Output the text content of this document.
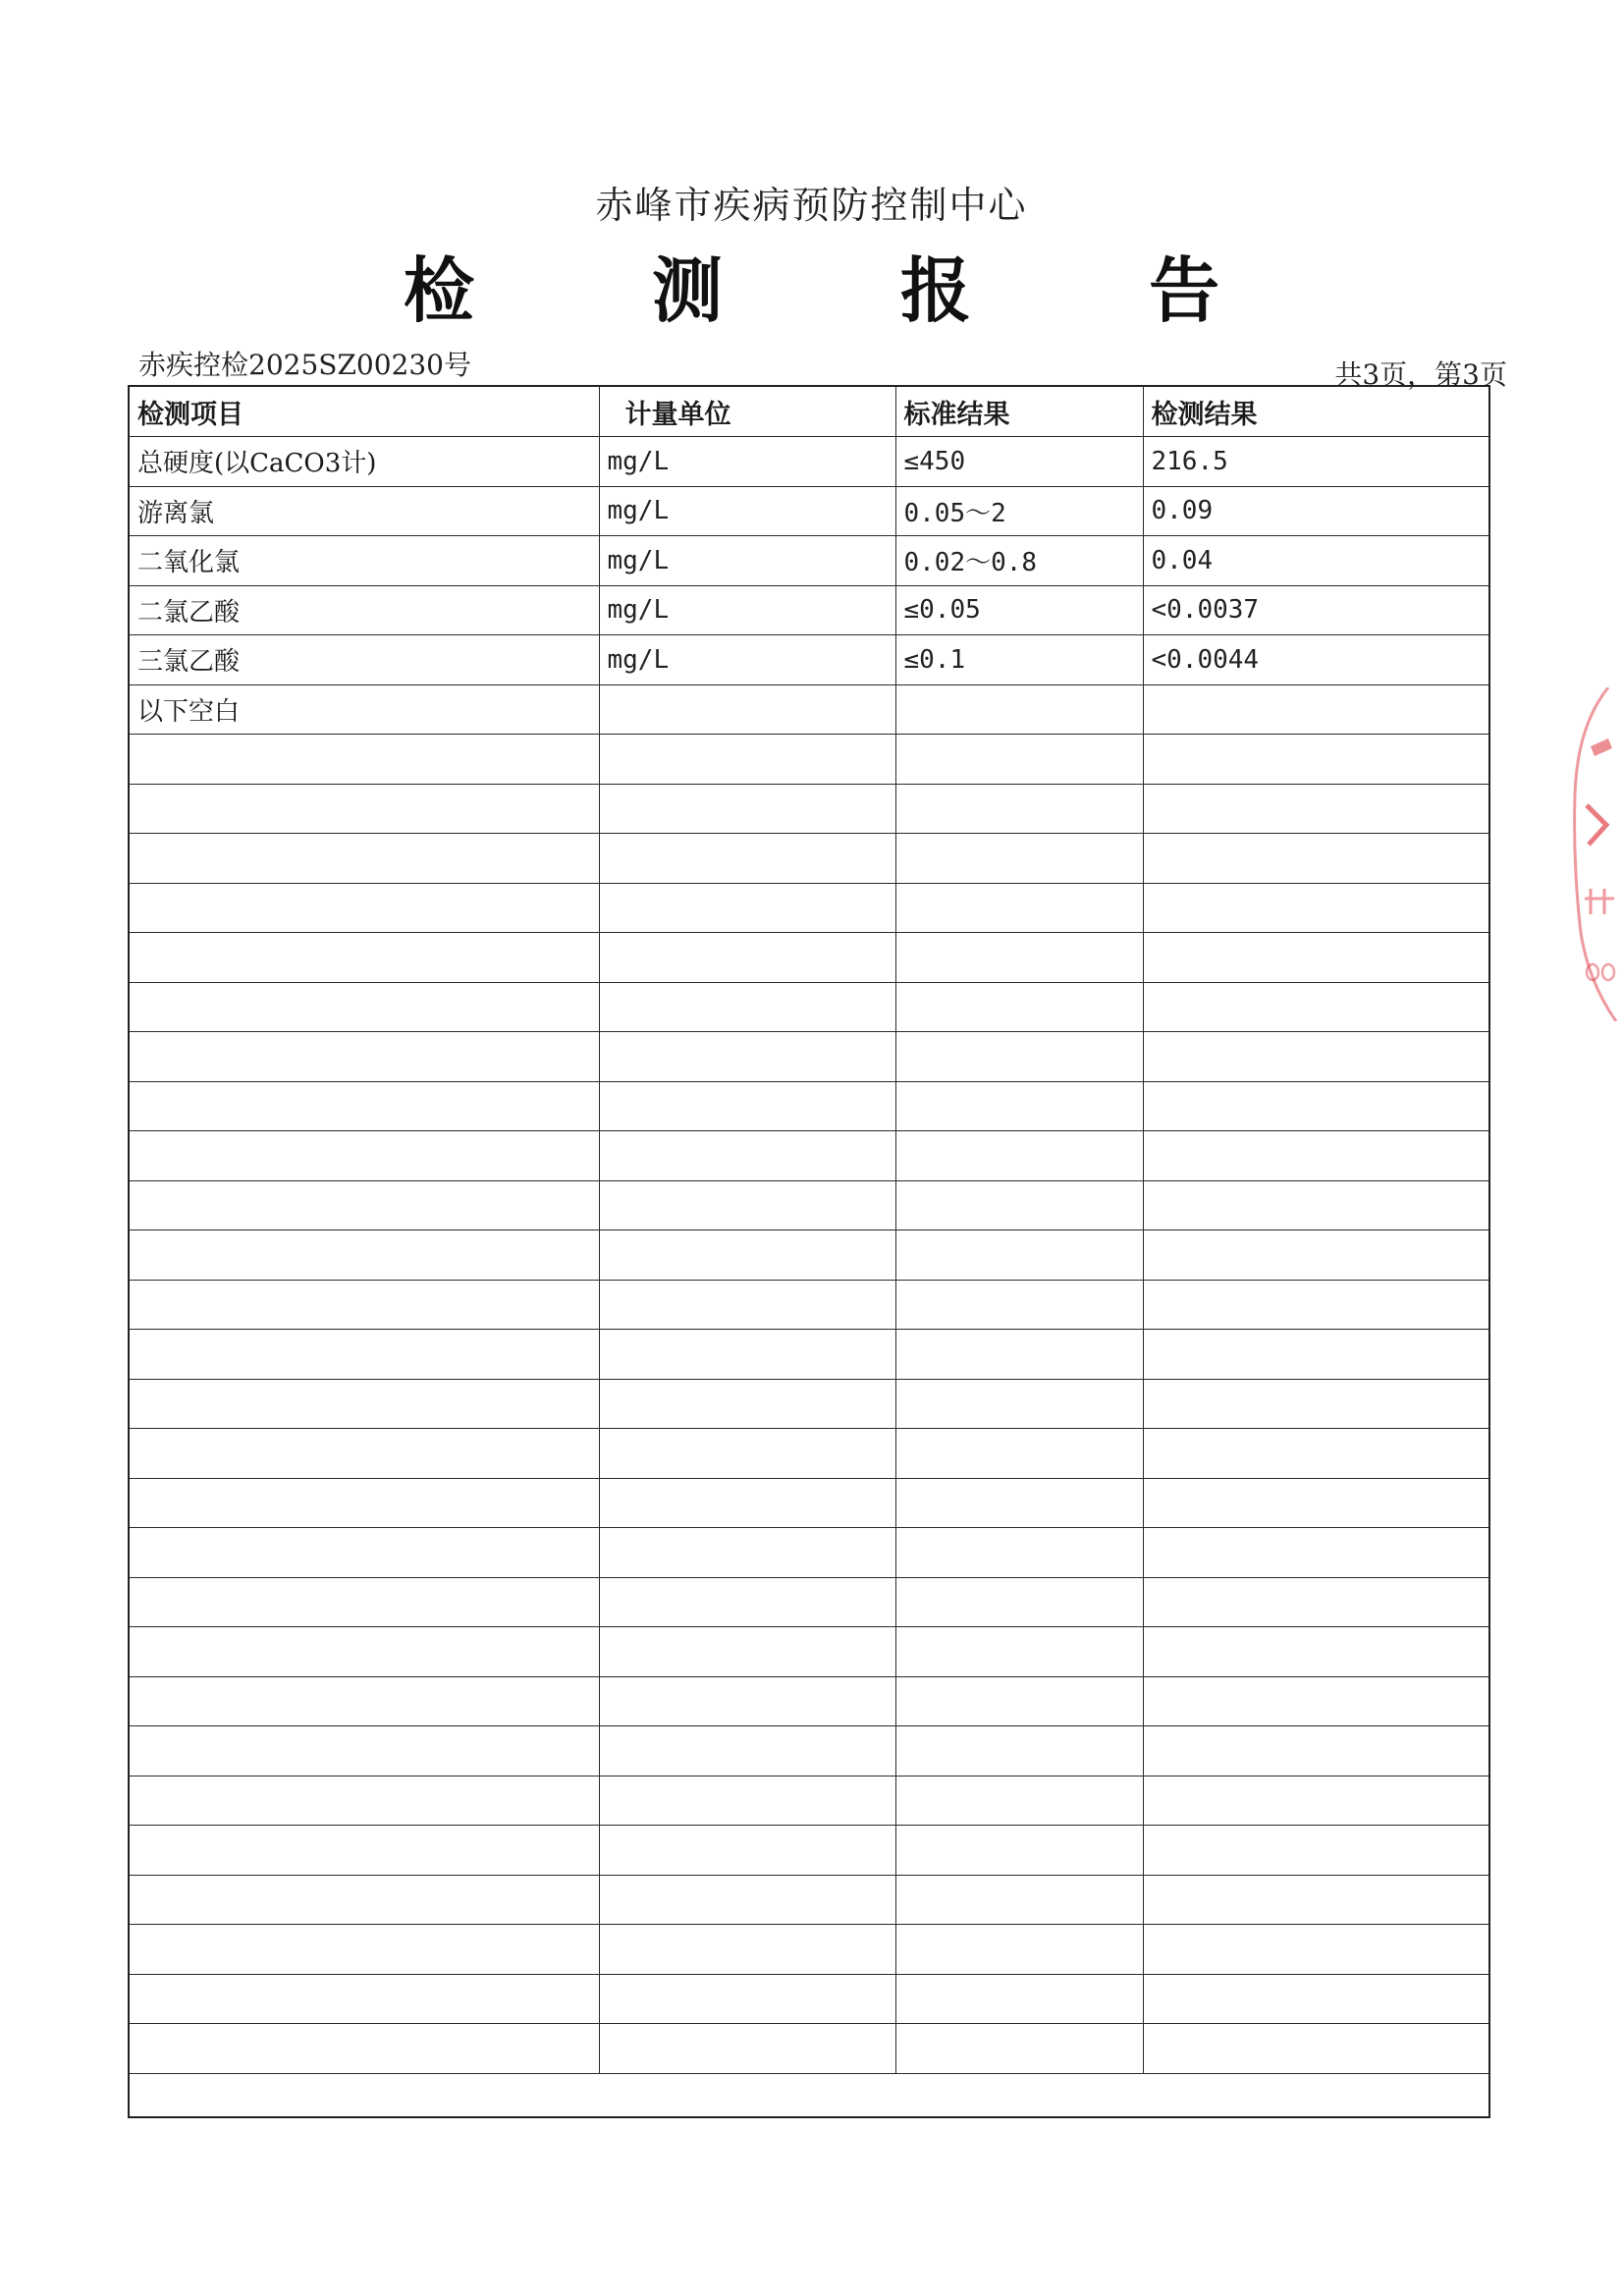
赤峰市疾病预防控制中心
检 测 报 告
赤疾控检2025SZ00230号	共3页，第3页
检测项目	计量单位	标准结果	检测结果
总硬度(以CaCO3计)	mg/L	≤450	216.5
游离氯	mg/L	0.05～2	0.09
二氧化氯	mg/L	0.02～0.8	0.04
二氯乙酸	mg/L	≤0.05	<0.0037
三氯乙酸	mg/L	≤0.1	<0.0044
以下空白			
